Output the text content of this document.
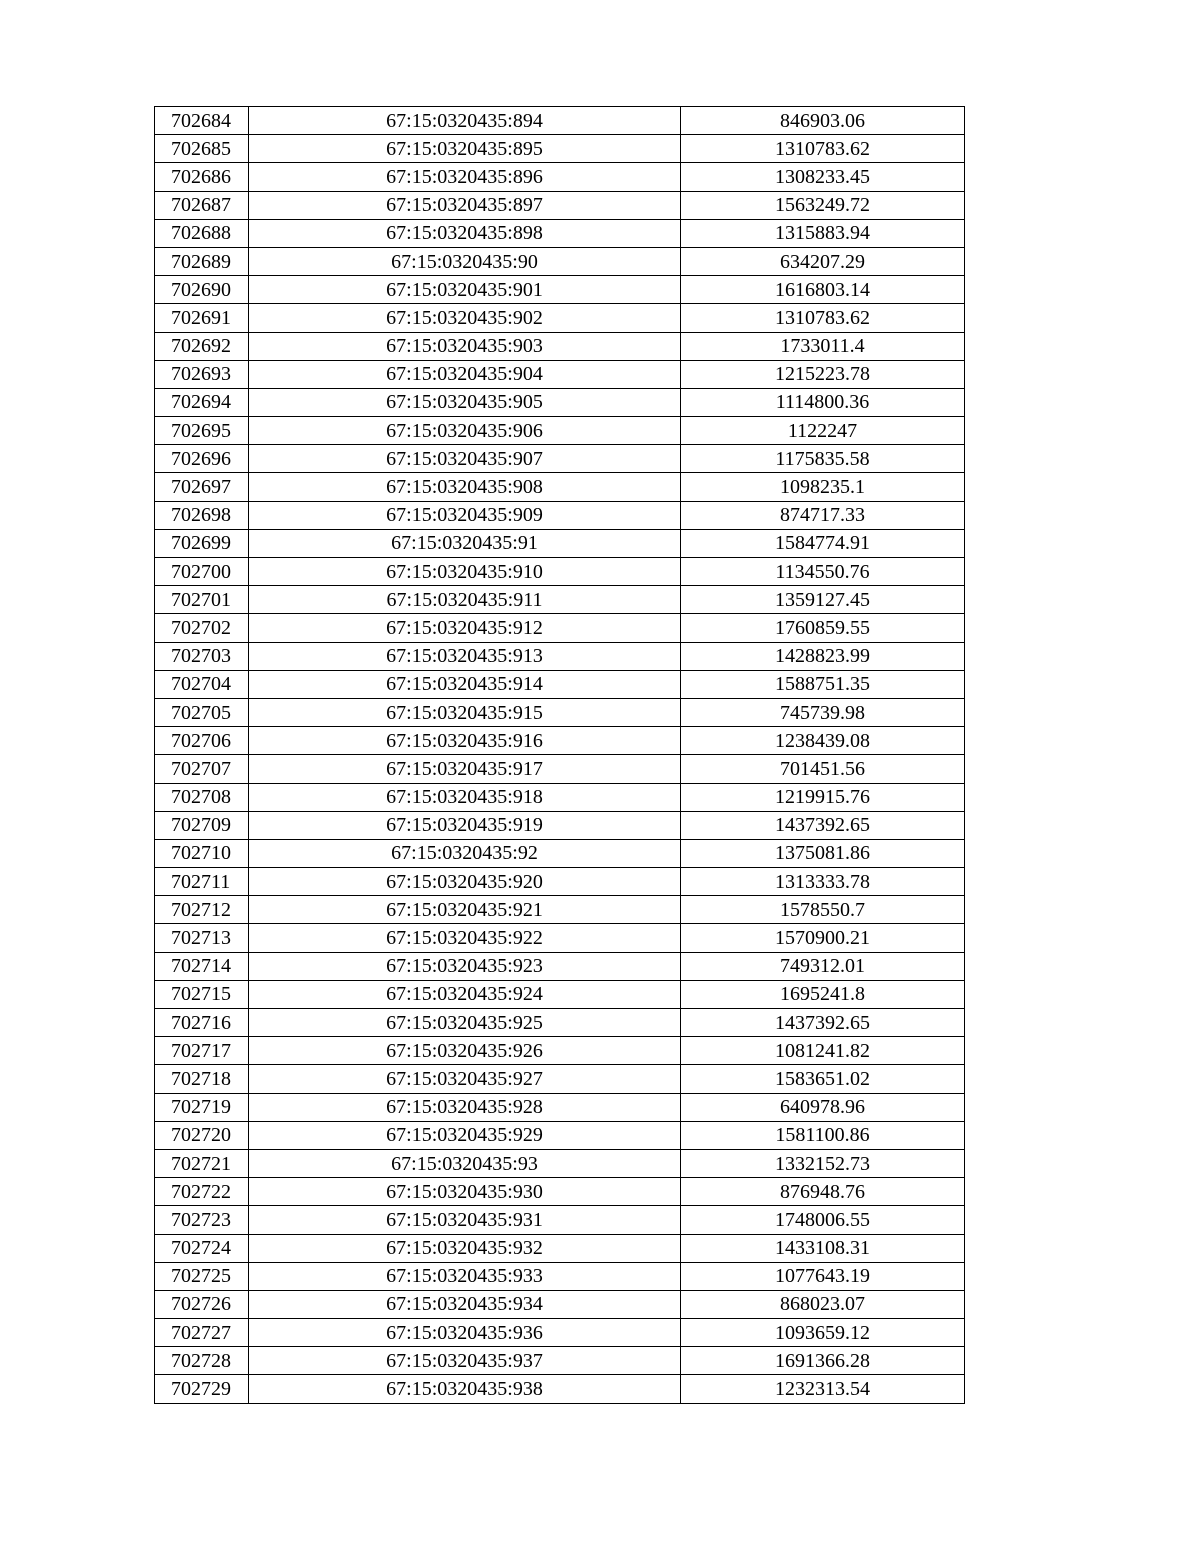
702684	67:15:0320435:894	846903.06
702685	67:15:0320435:895	1310783.62
702686	67:15:0320435:896	1308233.45
702687	67:15:0320435:897	1563249.72
702688	67:15:0320435:898	1315883.94
702689	67:15:0320435:90	634207.29
702690	67:15:0320435:901	1616803.14
702691	67:15:0320435:902	1310783.62
702692	67:15:0320435:903	1733011.4
702693	67:15:0320435:904	1215223.78
702694	67:15:0320435:905	1114800.36
702695	67:15:0320435:906	1122247
702696	67:15:0320435:907	1175835.58
702697	67:15:0320435:908	1098235.1
702698	67:15:0320435:909	874717.33
702699	67:15:0320435:91	1584774.91
702700	67:15:0320435:910	1134550.76
702701	67:15:0320435:911	1359127.45
702702	67:15:0320435:912	1760859.55
702703	67:15:0320435:913	1428823.99
702704	67:15:0320435:914	1588751.35
702705	67:15:0320435:915	745739.98
702706	67:15:0320435:916	1238439.08
702707	67:15:0320435:917	701451.56
702708	67:15:0320435:918	1219915.76
702709	67:15:0320435:919	1437392.65
702710	67:15:0320435:92	1375081.86
702711	67:15:0320435:920	1313333.78
702712	67:15:0320435:921	1578550.7
702713	67:15:0320435:922	1570900.21
702714	67:15:0320435:923	749312.01
702715	67:15:0320435:924	1695241.8
702716	67:15:0320435:925	1437392.65
702717	67:15:0320435:926	1081241.82
702718	67:15:0320435:927	1583651.02
702719	67:15:0320435:928	640978.96
702720	67:15:0320435:929	1581100.86
702721	67:15:0320435:93	1332152.73
702722	67:15:0320435:930	876948.76
702723	67:15:0320435:931	1748006.55
702724	67:15:0320435:932	1433108.31
702725	67:15:0320435:933	1077643.19
702726	67:15:0320435:934	868023.07
702727	67:15:0320435:936	1093659.12
702728	67:15:0320435:937	1691366.28
702729	67:15:0320435:938	1232313.54
